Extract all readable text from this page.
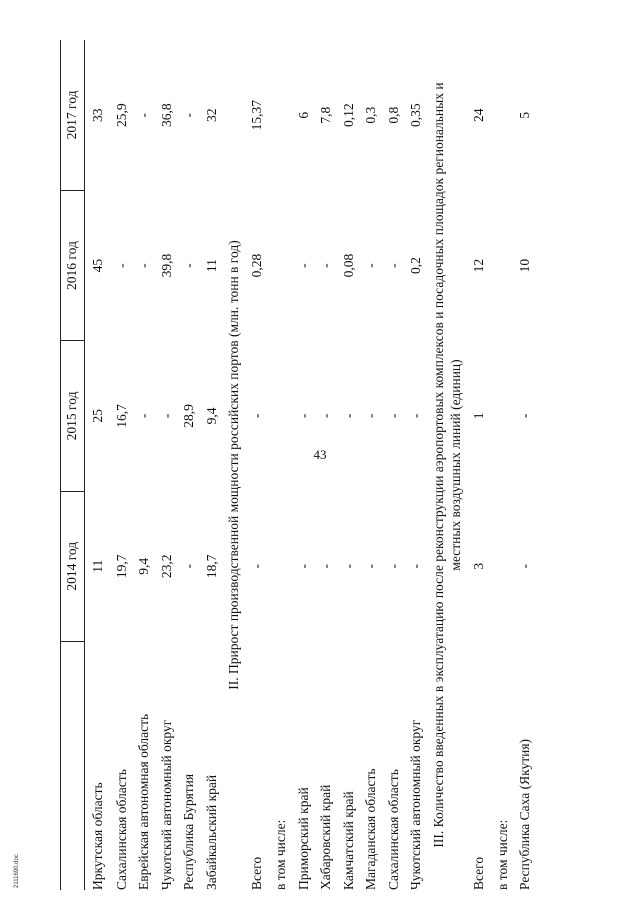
43
	2014 год	2015 год	2016 год	2017 год
Иркутская область	11	25	45	33
Сахалинская область	19,7	16,7	-	25,9
Еврейская автономная область	9,4	-	-	-
Чукотский автономный округ	23,2	-	39,8	36,8
Республика Бурятия	-	28,9	-	-
Забайкальский край	18,7	9,4	11	32
II. Прирост производственной мощности российских портов (млн. тонн в год)				
Всего	-	-	0,28	15,37
в том числе:				
Приморский край	-	-	-	6
Хабаровский край	-	-	-	7,8
Камчатский край	-	-	0,08	0,12
Магаданская область	-	-	-	0,3
Сахалинская область	-	-	-	0,8
Чукотский автономный округ	-	-	0,2	0,35
III. Количество введенных в эксплуатацию после реконструкции аэропортовых комплексов и посадочных площадок региональных и местных воздушных линий (единиц)				
Всего	3	1	12	24
в том числе:				
Республика Саха (Якутия)	-	-	10	5
2111690.doc
